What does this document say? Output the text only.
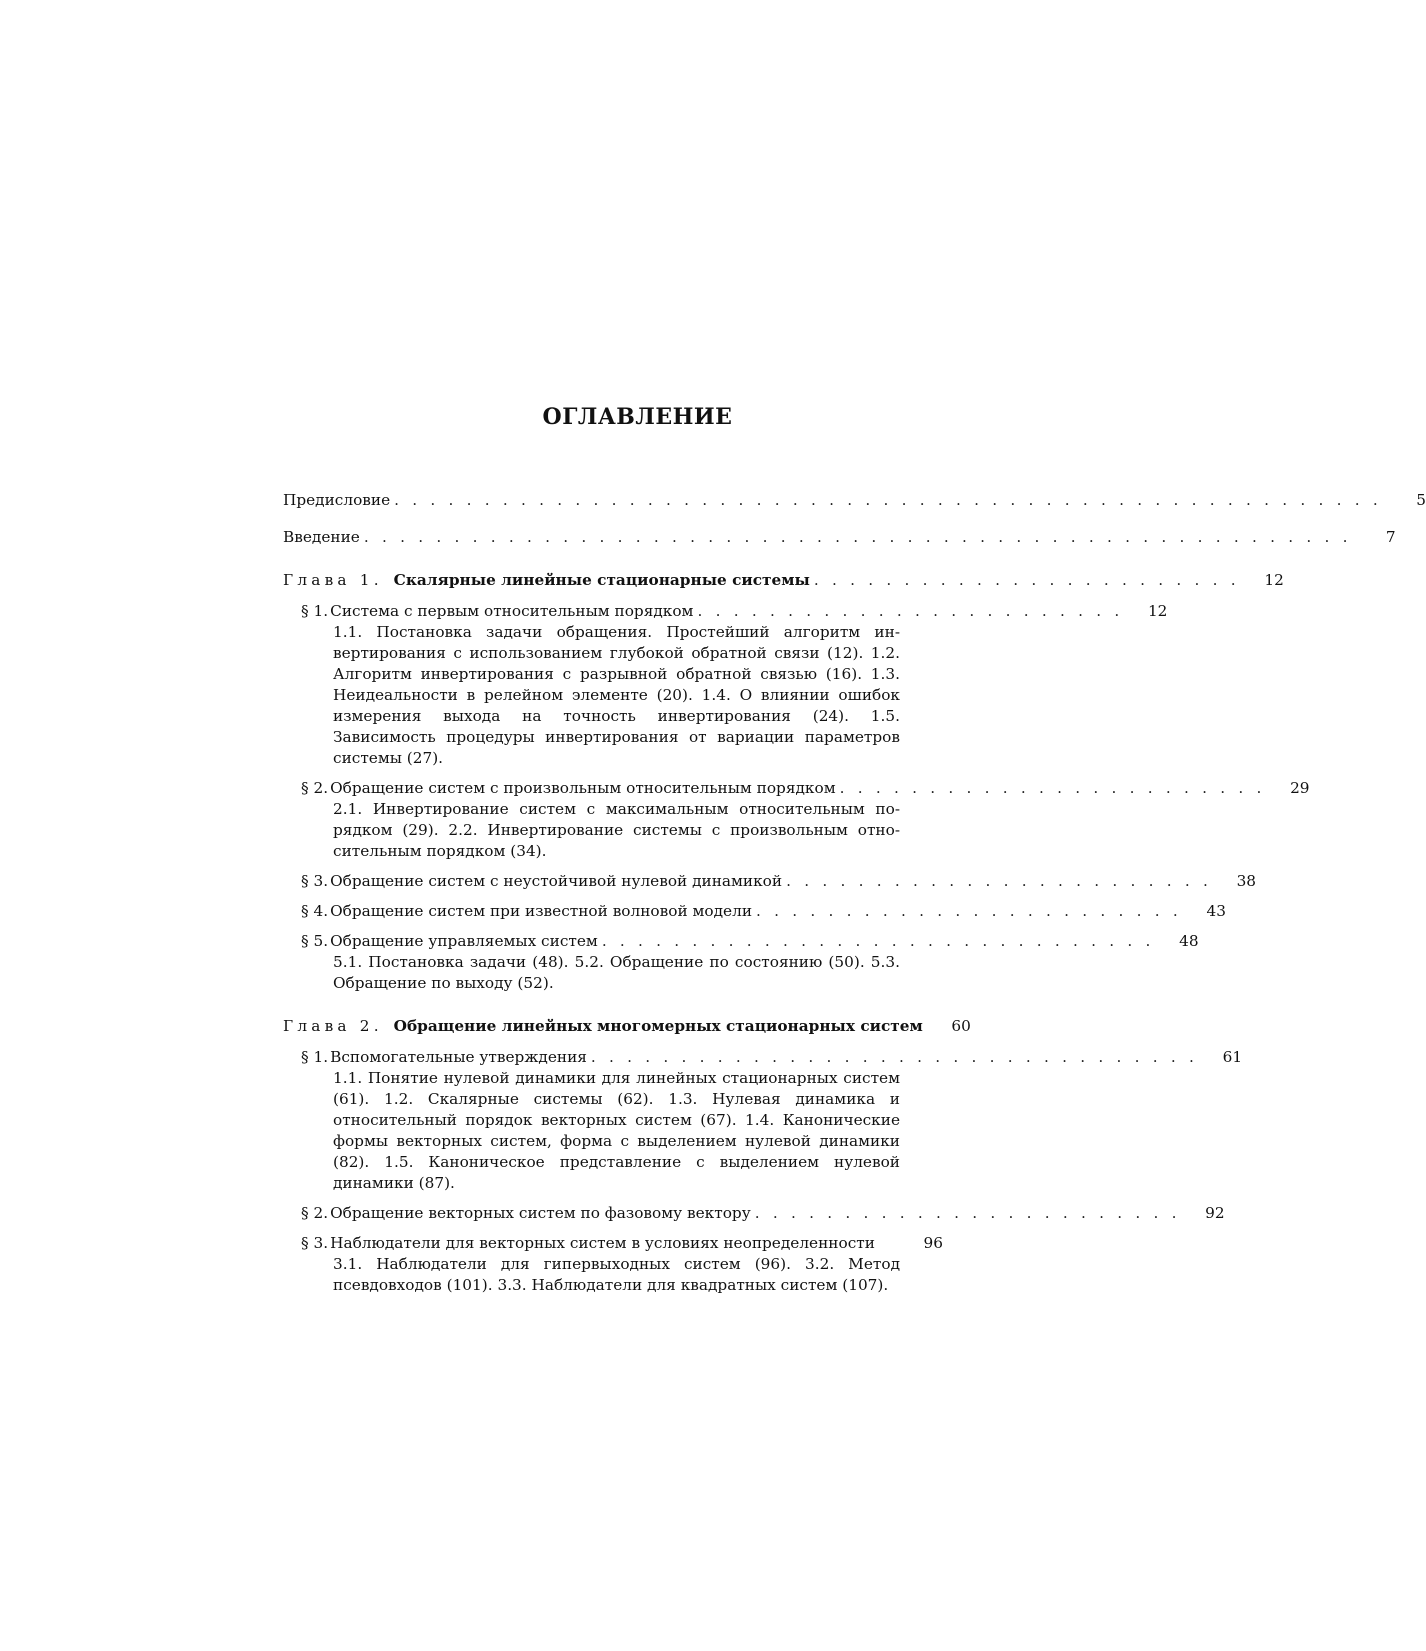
ОГЛАВЛЕНИЕ
Предисловие . . . . . . . . . . . . . . . . . . . . . . . . . . . . . . . . . . . . . . . . . . . . . . . . . . . . . . .	5
Введение . . . . . . . . . . . . . . . . . . . . . . . . . . . . . . . . . . . . . . . . . . . . . . . . . . . . . . .	7
Глава 1. Скалярные линейные стационарные системы . . . . . . . . . . . . . . . . . . . . . . . .	12
§ 1. Система с первым относительным порядком . . . . . . . . . . . . . . . . . . . . . . . .	12
1.1. Постановка задачи обращения. Простейший алгоритм инвертирования с использованием глубокой обратной связи (12). 1.2. Алгоритм инвертирования с разрывной обратной связью (16). 1.3. Неидеальности в релейном элементе (20). 1.4. О влиянии ошибок измерения выхода на точность инвертирования (24). 1.5. Зависимость процедуры инвертирования от вариации параметров системы (27).
§ 2. Обращение систем с произвольным относительным порядком . . . . . . . . . . . . . . . . . . . . . . . .	29
2.1. Инвертирование систем с максимальным относительным порядком (29). 2.2. Инвертирование системы с произвольным относительным порядком (34).
§ 3. Обращение систем с неустойчивой нулевой динамикой . . . . . . . . . . . . . . . . . . . . . . . .	38
§ 4. Обращение систем при известной волновой модели . . . . . . . . . . . . . . . . . . . . . . . .	43
§ 5. Обращение управляемых систем . . . . . . . . . . . . . . . . . . . . . . . . . . . . . . .	48
5.1. Постановка задачи (48). 5.2. Обращение по состоянию (50). 5.3. Обращение по выходу (52).
Глава 2. Обращение линейных многомерных стационарных систем	60
§ 1. Вспомогательные утверждения . . . . . . . . . . . . . . . . . . . . . . . . . . . . . . . . . .	61
1.1. Понятие нулевой динамики для линейных стационарных систем (61). 1.2. Скалярные системы (62). 1.3. Нулевая динамика и относительный порядок векторных систем (67). 1.4. Канонические формы векторных систем, форма с выделением нулевой динамики (82). 1.5. Каноническое представление с выделением нулевой динамики (87).
§ 2. Обращение векторных систем по фазовому вектору . . . . . . . . . . . . . . . . . . . . . . . .	92
§ 3. Наблюдатели для векторных систем в условиях неопределенности	96
3.1. Наблюдатели для гипервыходных систем (96). 3.2. Метод псевдовходов (101). 3.3. Наблюдатели для квадратных систем (107).
